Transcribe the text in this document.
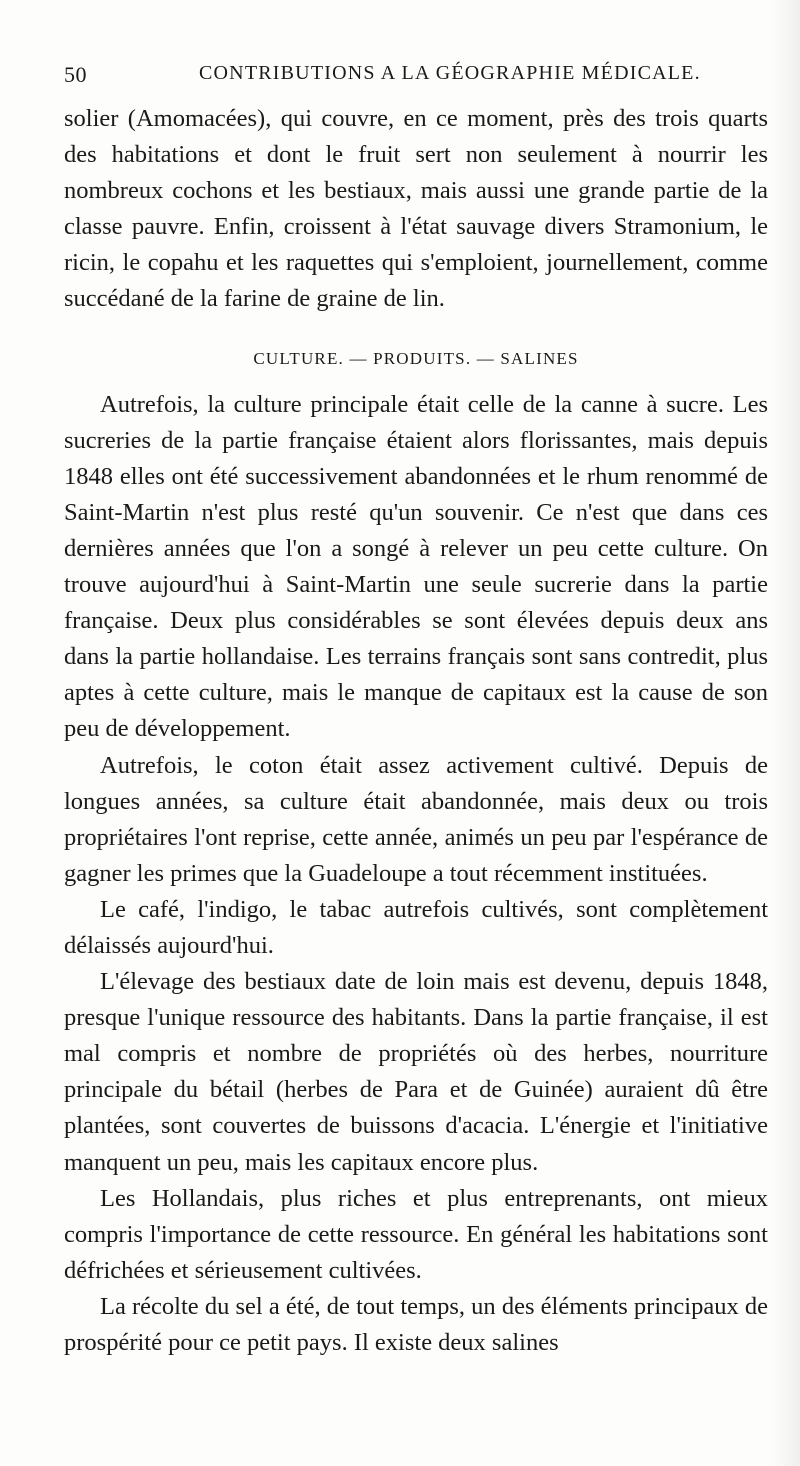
50	CONTRIBUTIONS A LA GÉOGRAPHIE MÉDICALE.

solier (Amomacées), qui couvre, en ce moment, près des trois quarts des habitations et dont le fruit sert non seulement à nourrir les nombreux cochons et les bestiaux, mais aussi une grande partie de la classe pauvre. Enfin, croissent à l'état sauvage divers Stramonium, le ricin, le copahu et les raquettes qui s'emploient, journellement, comme succédané de la farine de graine de lin.

CULTURE. — PRODUITS. — SALINES

Autrefois, la culture principale était celle de la canne à sucre. Les sucreries de la partie française étaient alors florissantes, mais depuis 1848 elles ont été successivement abandonnées et le rhum renommé de Saint-Martin n'est plus resté qu'un souvenir. Ce n'est que dans ces dernières années que l'on a songé à relever un peu cette culture. On trouve aujourd'hui à Saint-Martin une seule sucrerie dans la partie française. Deux plus considérables se sont élevées depuis deux ans dans la partie hollandaise. Les terrains français sont sans contredit, plus aptes à cette culture, mais le manque de capitaux est la cause de son peu de développement.

Autrefois, le coton était assez activement cultivé. Depuis de longues années, sa culture était abandonnée, mais deux ou trois propriétaires l'ont reprise, cette année, animés un peu par l'espérance de gagner les primes que la Guadeloupe a tout récemment instituées.

Le café, l'indigo, le tabac autrefois cultivés, sont complètement délaissés aujourd'hui.

L'élevage des bestiaux date de loin mais est devenu, depuis 1848, presque l'unique ressource des habitants. Dans la partie française, il est mal compris et nombre de propriétés où des herbes, nourriture principale du bétail (herbes de Para et de Guinée) auraient dû être plantées, sont couvertes de buissons d'acacia. L'énergie et l'initiative manquent un peu, mais les capitaux encore plus.

Les Hollandais, plus riches et plus entreprenants, ont mieux compris l'importance de cette ressource. En général les habitations sont défrichées et sérieusement cultivées.

La récolte du sel a été, de tout temps, un des éléments principaux de prospérité pour ce petit pays. Il existe deux salines
